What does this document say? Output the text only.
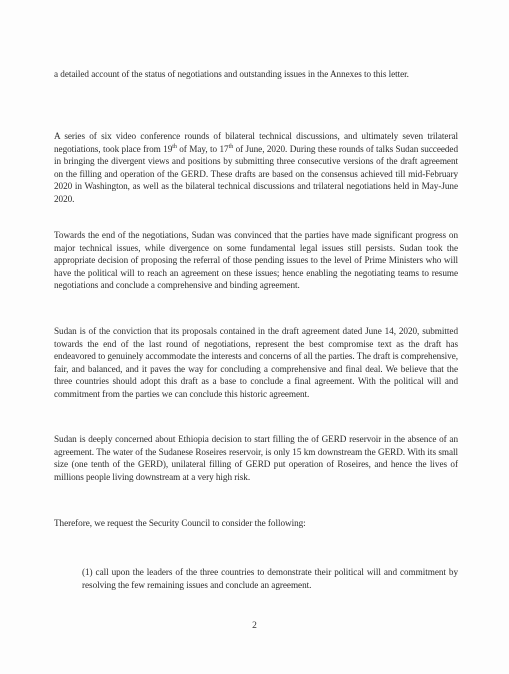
a detailed account of the status of negotiations and outstanding issues in the Annexes to this letter.

A series of six video conference rounds of bilateral technical discussions, and ultimately seven trilateral negotiations, took place from 19th of May, to 17th of June, 2020. During these rounds of talks Sudan succeeded in bringing the divergent views and positions by submitting three consecutive versions of the draft agreement on the filling and operation of the GERD. These drafts are based on the consensus achieved till mid-February 2020 in Washington, as well as the bilateral technical discussions and trilateral negotiations held in May-June 2020.

Towards the end of the negotiations, Sudan was convinced that the parties have made significant progress on major technical issues, while divergence on some fundamental legal issues still persists. Sudan took the appropriate decision of proposing the referral of those pending issues to the level of Prime Ministers who will have the political will to reach an agreement on these issues; hence enabling the negotiating teams to resume negotiations and conclude a comprehensive and binding agreement.

Sudan is of the conviction that its proposals contained in the draft agreement dated June 14, 2020, submitted towards the end of the last round of negotiations, represent the best compromise text as the draft has endeavored to genuinely accommodate the interests and concerns of all the parties. The draft is comprehensive, fair, and balanced, and it paves the way for concluding a comprehensive and final deal. We believe that the three countries should adopt this draft as a base to conclude a final agreement. With the political will and commitment from the parties we can conclude this historic agreement.

Sudan is deeply concerned about Ethiopia decision to start filling the of GERD reservoir in the absence of an agreement. The water of the Sudanese Roseires reservoir, is only 15 km downstream the GERD. With its small size (one tenth of the GERD), unilateral filling of GERD put operation of Roseires, and hence the lives of millions people living downstream at a very high risk.

Therefore, we request the Security Council to consider the following:

(1) call upon the leaders of the three countries to demonstrate their political will and commitment by resolving the few remaining issues and conclude an agreement.

2
